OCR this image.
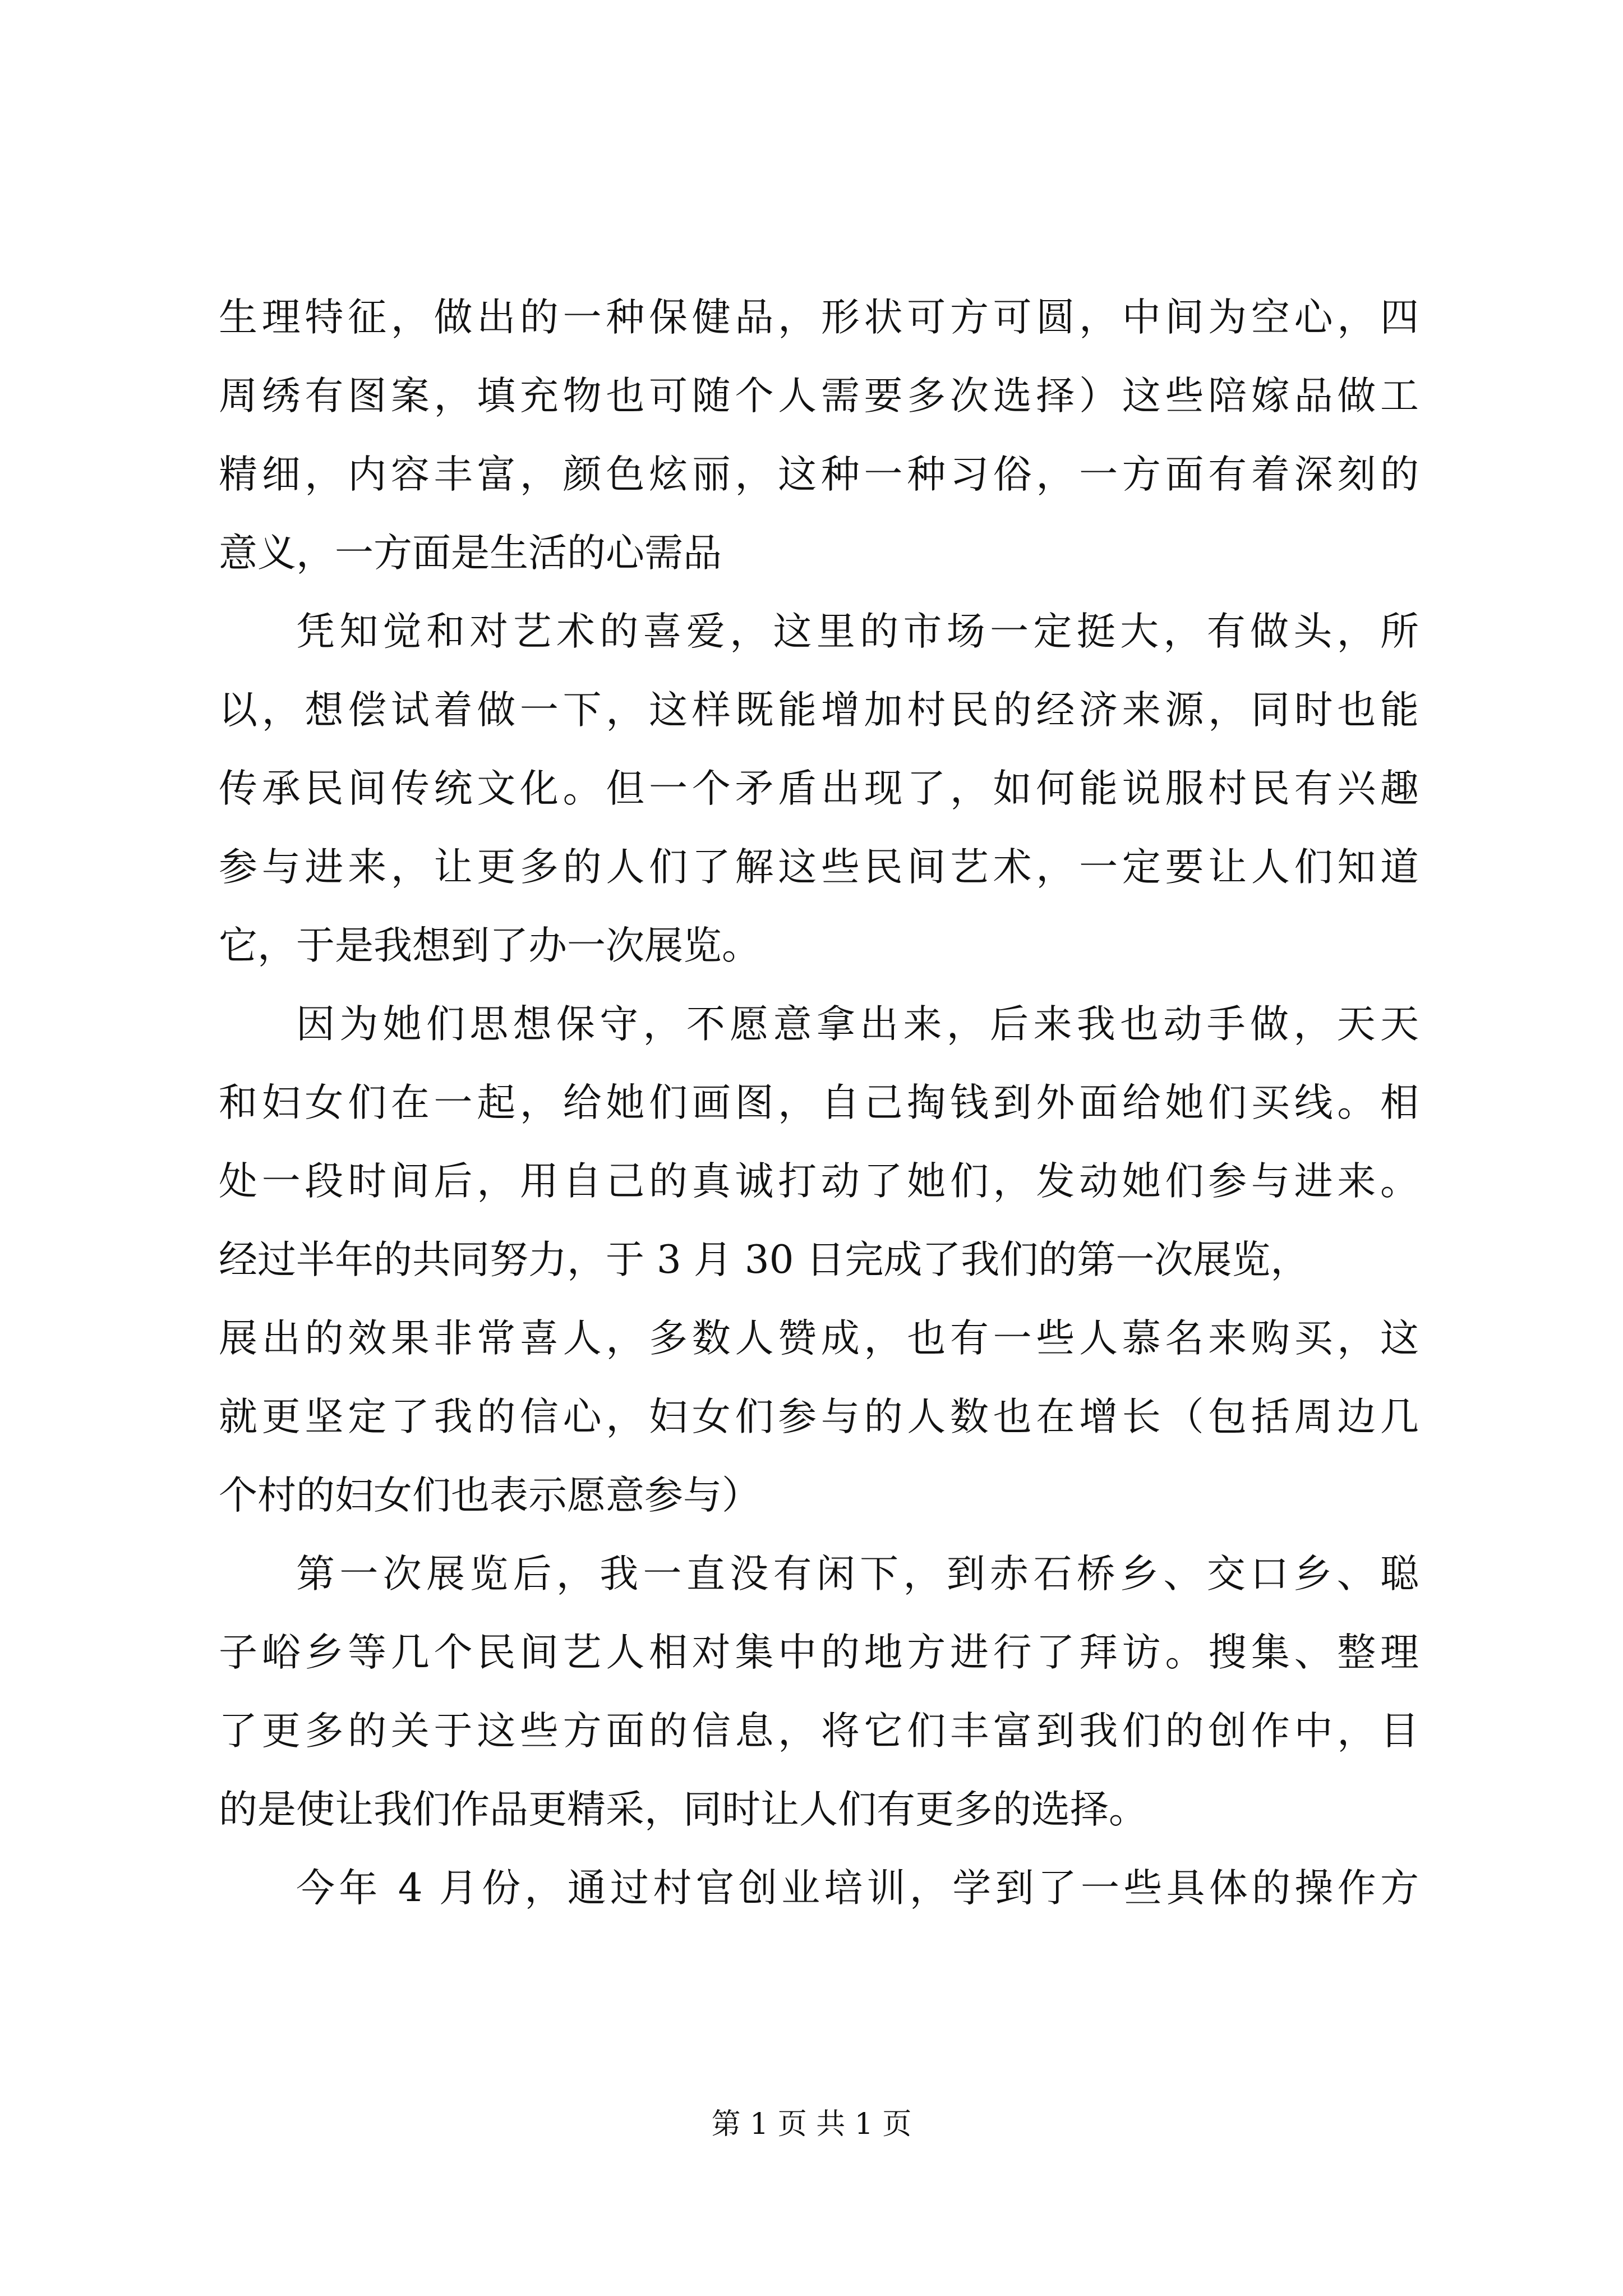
生理特征，做出的一种保健品，形状可方可圆，中间为空心，四
周绣有图案，填充物也可随个人需要多次选择）这些陪嫁品做工
精细，内容丰富，颜色炫丽，这种一种习俗，一方面有着深刻的
意义，一方面是生活的心需品
凭知觉和对艺术的喜爱，这里的市场一定挺大，有做头，所
以，想偿试着做一下，这样既能增加村民的经济来源，同时也能
传承民间传统文化。但一个矛盾出现了，如何能说服村民有兴趣
参与进来，让更多的人们了解这些民间艺术，一定要让人们知道
它，于是我想到了办一次展览。
因为她们思想保守，不愿意拿出来，后来我也动手做，天天
和妇女们在一起，给她们画图，自己掏钱到外面给她们买线。相
处一段时间后，用自己的真诚打动了她们，发动她们参与进来。
经过半年的共同努力，于 3 月 30 日完成了我们的第一次展览，
展出的效果非常喜人，多数人赞成，也有一些人慕名来购买，这
就更坚定了我的信心，妇女们参与的人数也在增长（包括周边几
个村的妇女们也表示愿意参与）
第一次展览后，我一直没有闲下，到赤石桥乡、交口乡、聪
子峪乡等几个民间艺人相对集中的地方进行了拜访。搜集、整理
了更多的关于这些方面的信息，将它们丰富到我们的创作中，目
的是使让我们作品更精采，同时让人们有更多的选择。
今年 4 月份，通过村官创业培训，学到了一些具体的操作方
第 1 页 共 1 页
